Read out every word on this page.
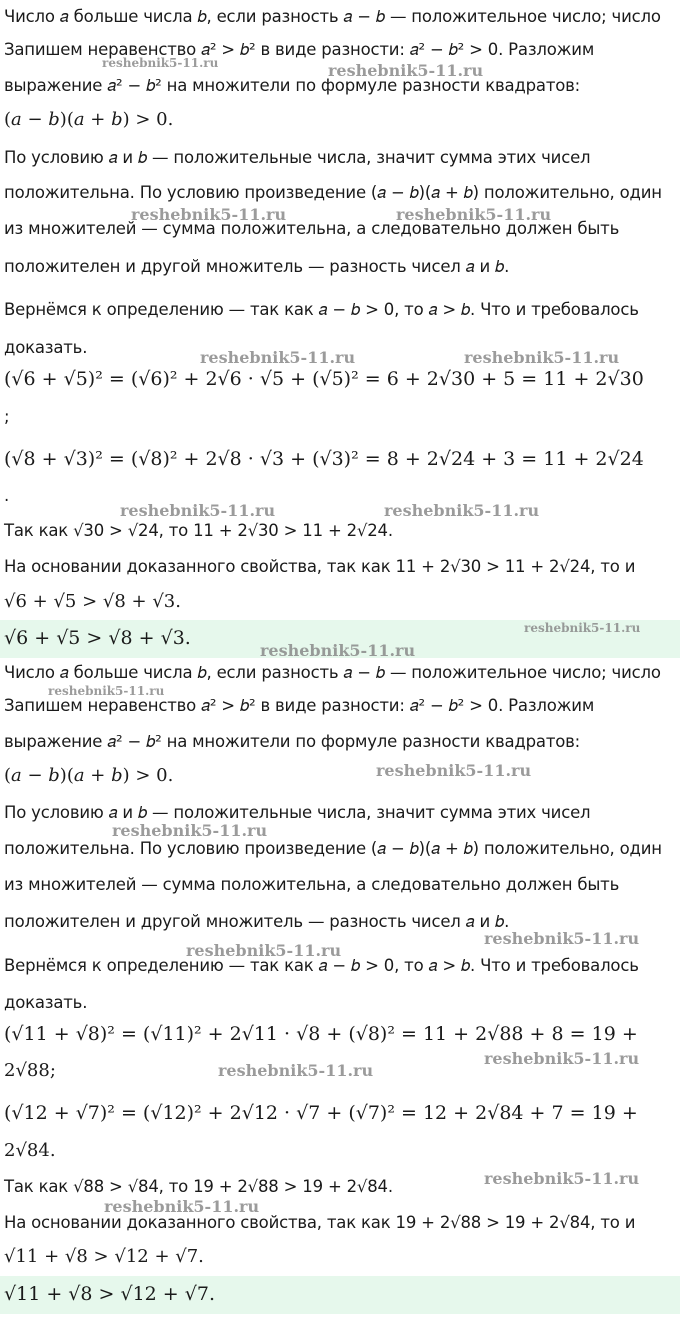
Число 𝑎 больше числа 𝑏, если разность 𝑎 − 𝑏 — положительное число; число
Запишем неравенство 𝑎² > 𝑏² в виде разности: 𝑎² − 𝑏² > 0. Разложим
выражение 𝑎² − 𝑏² на множители по формуле разности квадратов:
(𝑎 − 𝑏)(𝑎 + 𝑏) > 0.
По условию 𝑎 и 𝑏 — положительные числа, значит сумма этих чисел
положительна. По условию произведение (𝑎 − 𝑏)(𝑎 + 𝑏) положительно, один
из множителей — сумма положительна, а следовательно должен быть
положителен и другой множитель — разность чисел 𝑎 и 𝑏.
Вернёмся к определению — так как 𝑎 − 𝑏 > 0, то 𝑎 > 𝑏. Что и требовалось
доказать.
(√6 + √5)² = (√6)² + 2√6 · √5 + (√5)² = 6 + 2√30 + 5 = 11 + 2√30
;
(√8 + √3)² = (√8)² + 2√8 · √3 + (√3)² = 8 + 2√24 + 3 = 11 + 2√24
.
Так как √30 > √24, то 11 + 2√30 > 11 + 2√24.
На основании доказанного свойства, так как 11 + 2√30 > 11 + 2√24, то и
√6 + √5 > √8 + √3.
√6 + √5 > √8 + √3.
Число 𝑎 больше числа 𝑏, если разность 𝑎 − 𝑏 — положительное число; число
Запишем неравенство 𝑎² > 𝑏² в виде разности: 𝑎² − 𝑏² > 0. Разложим
выражение 𝑎² − 𝑏² на множители по формуле разности квадратов:
(𝑎 − 𝑏)(𝑎 + 𝑏) > 0.
По условию 𝑎 и 𝑏 — положительные числа, значит сумма этих чисел
положительна. По условию произведение (𝑎 − 𝑏)(𝑎 + 𝑏) положительно, один
из множителей — сумма положительна, а следовательно должен быть
положителен и другой множитель — разность чисел 𝑎 и 𝑏.
Вернёмся к определению — так как 𝑎 − 𝑏 > 0, то 𝑎 > 𝑏. Что и требовалось
доказать.
(√11 + √8)² = (√11)² + 2√11 · √8 + (√8)² = 11 + 2√88 + 8 = 19 +
2√88;
(√12 + √7)² = (√12)² + 2√12 · √7 + (√7)² = 12 + 2√84 + 7 = 19 +
2√84.
Так как √88 > √84, то 19 + 2√88 > 19 + 2√84.
На основании доказанного свойства, так как 19 + 2√88 > 19 + 2√84, то и
√11 + √8 > √12 + √7.
√11 + √8 > √12 + √7.
reshebnik5-11.ru	reshebnik5-11.ru
reshebnik5-11.ru	reshebnik5-11.ru
reshebnik5-11.ru	reshebnik5-11.ru
reshebnik5-11.ru	reshebnik5-11.ru
reshebnik5-11.ru
reshebnik5-11.ru
reshebnik5-11.ru
reshebnik5-11.ru
reshebnik5-11.ru
reshebnik5-11.ru
reshebnik5-11.ru
reshebnik5-11.ru
reshebnik5-11.ru
reshebnik5-11.ru
reshebnik5-11.ru
